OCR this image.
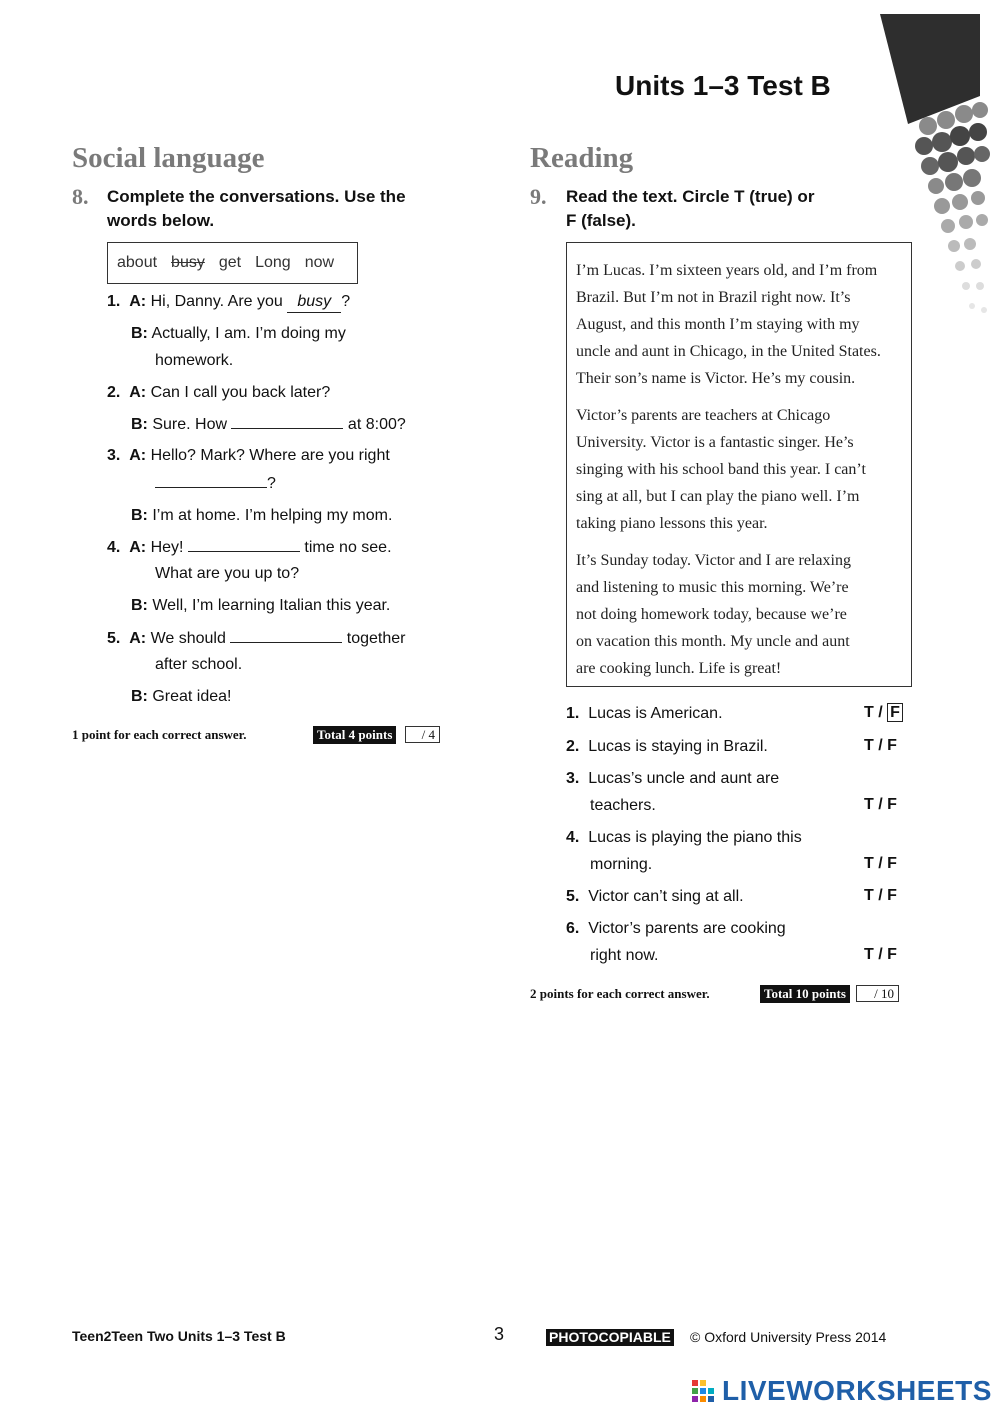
Units 1–3 Test B
Social language
8. Complete the conversations. Use the
words below.
about busy get Long now
1. A: Hi, Danny. Are you busy ?
B: Actually, I am. I’m doing my
homework.
2. A: Can I call you back later?
B: Sure. How	at 8:00?
3. A: Hello? Mark? Where are you right
?
B: I’m at home. I’m helping my mom.
4. A: Hey!	time no see.
What are you up to?
B: Well, I’m learning Italian this year.
5. A: We should	together
after school.
B: Great idea!
1 point for each correct answer.	Total 4 points	/ 4
Reading
9. Read the text. Circle T (true) or
F (false).

I’m Lucas. I’m sixteen years old, and I’m from
Brazil. But I’m not in Brazil right now. It’s
August, and this month I’m staying with my
uncle and aunt in Chicago, in the United States.
Their son’s name is Victor. He’s my cousin.

Victor’s parents are teachers at Chicago
University. Victor is a fantastic singer. He’s
singing with his school band this year. I can’t
sing at all, but I can play the piano well. I’m
taking piano lessons this year.

It’s Sunday today. Victor and I are relaxing
and listening to music this morning. We’re
not doing homework today, because we’re
on vacation this month. My uncle and aunt
are cooking lunch. Life is great!

1. Lucas is American.	T / F
2. Lucas is staying in Brazil.	T / F
3. Lucas’s uncle and aunt are
teachers.	T / F
4. Lucas is playing the piano this
morning.	T / F
5. Victor can’t sing at all.	T / F
6. Victor’s parents are cooking
right now.	T / F
2 points for each correct answer.	Total 10 points	/ 10
Teen2Teen Two Units 1–3 Test B	3	PHOTOCOPIABLE © Oxford University Press 2014
LIVEWORKSHEETS
